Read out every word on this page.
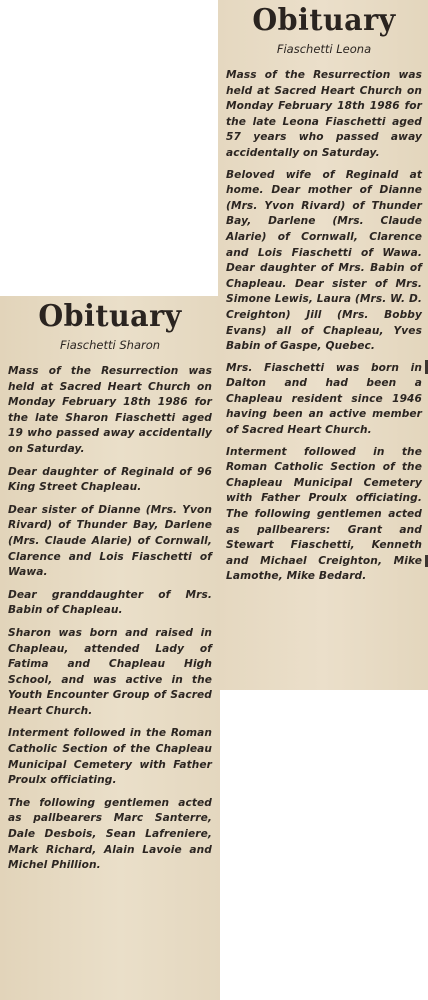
Obituary
Fiaschetti Leona

Mass of the Resurrection was held at Sacred Heart Church on Monday February 18th 1986 for the late Leona Fiaschetti aged 57 years who passed away accidentally on Saturday.

Beloved wife of Reginald at home. Dear mother of Dianne (Mrs. Yvon Rivard) of Thunder Bay, Darlene (Mrs. Claude Alarie) of Cornwall, Clarence and Lois Fiaschetti of Wawa. Dear daughter of Mrs. Babin of Chapleau. Dear sister of Mrs. Simone Lewis, Laura (Mrs. W. D. Creighton) Jill (Mrs. Bobby Evans) all of Chapleau, Yves Babin of Gaspe, Quebec.

Mrs. Fiaschetti was born in Dalton and had been a Chapleau resident since 1946 having been an active member of Sacred Heart Church.

Interment followed in the Roman Catholic Section of the Chapleau Municipal Cemetery with Father Proulx officiating. The following gentlemen acted as pallbearers: Grant and Stewart Fiaschetti, Kenneth and Michael Creighton, Mike Lamothe, Mike Bedard.

Obituary
Fiaschetti Sharon

Mass of the Resurrection was held at Sacred Heart Church on Monday February 18th 1986 for the late Sharon Fiaschetti aged 19 who passed away accidentally on Saturday.

Dear daughter of Reginald of 96 King Street Chapleau.

Dear sister of Dianne (Mrs. Yvon Rivard) of Thunder Bay, Darlene (Mrs. Claude Alarie) of Cornwall, Clarence and Lois Fiaschetti of Wawa.

Dear granddaughter of Mrs. Babin of Chapleau.

Sharon was born and raised in Chapleau, attended Lady of Fatima and Chapleau High School, and was active in the Youth Encounter Group of Sacred Heart Church.

Interment followed in the Roman Catholic Section of the Chapleau Municipal Cemetery with Father Proulx officiating.

The following gentlemen acted as pallbearers Marc Santerre, Dale Desbois, Sean Lafreniere, Mark Richard, Alain Lavoie and Michel Phillion.
